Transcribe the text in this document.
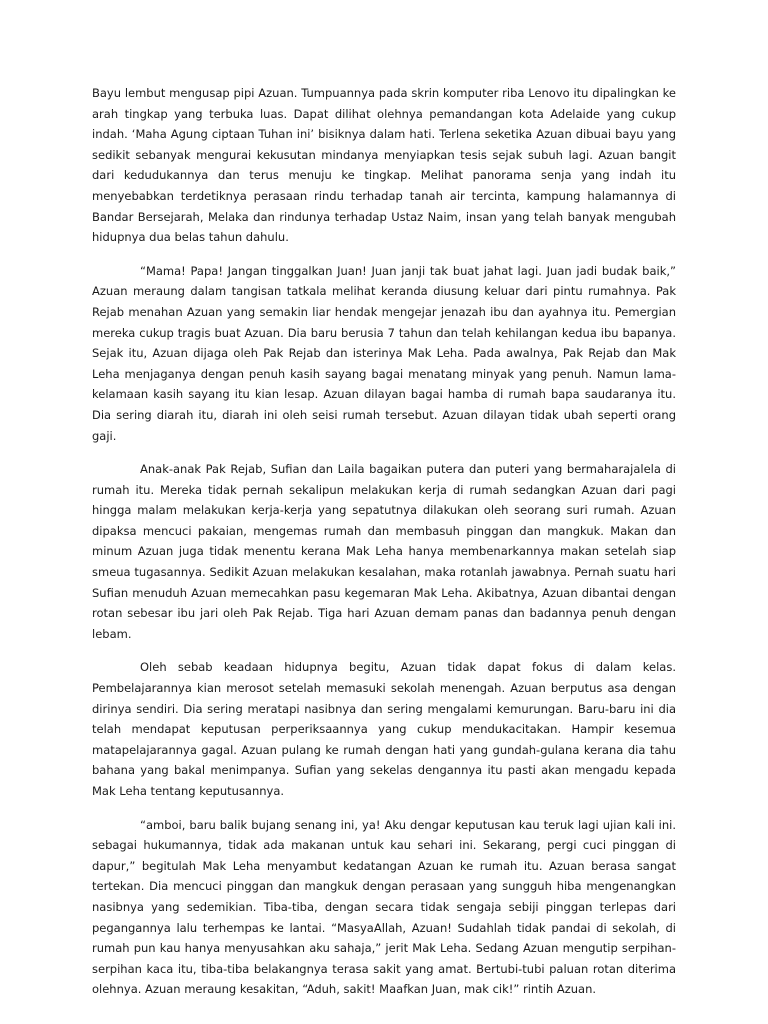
Bayu lembut mengusap pipi Azuan. Tumpuannya pada skrin komputer riba Lenovo itu dipalingkan ke arah tingkap yang terbuka luas. Dapat dilihat olehnya pemandangan kota Adelaide yang cukup indah. ‘Maha Agung ciptaan Tuhan ini’ bisiknya dalam hati. Terlena seketika Azuan dibuai bayu yang sedikit sebanyak mengurai kekusutan mindanya menyiapkan tesis sejak subuh lagi. Azuan bangit dari kedudukannya dan terus menuju ke tingkap. Melihat panorama senja yang indah itu menyebabkan terdetiknya perasaan rindu terhadap tanah air tercinta, kampung halamannya di Bandar Bersejarah, Melaka dan rindunya terhadap Ustaz Naim, insan yang telah banyak mengubah hidupnya dua belas tahun dahulu.

“Mama! Papa! Jangan tinggalkan Juan! Juan janji tak buat jahat lagi. Juan jadi budak baik,” Azuan meraung dalam tangisan tatkala melihat keranda diusung keluar dari pintu rumahnya. Pak Rejab menahan Azuan yang semakin liar hendak mengejar jenazah ibu dan ayahnya itu. Pemergian mereka cukup tragis buat Azuan. Dia baru berusia 7 tahun dan telah kehilangan kedua ibu bapanya. Sejak itu, Azuan dijaga oleh Pak Rejab dan isterinya Mak Leha. Pada awalnya, Pak Rejab dan Mak Leha menjaganya dengan penuh kasih sayang bagai menatang minyak yang penuh. Namun lama-kelamaan kasih sayang itu kian lesap. Azuan dilayan bagai hamba di rumah bapa saudaranya itu. Dia sering diarah itu, diarah ini oleh seisi rumah tersebut. Azuan dilayan tidak ubah seperti orang gaji.

Anak-anak Pak Rejab, Sufian dan Laila bagaikan putera dan puteri yang bermaharajalela di rumah itu. Mereka tidak pernah sekalipun melakukan kerja di rumah sedangkan Azuan dari pagi hingga malam melakukan kerja-kerja yang sepatutnya dilakukan oleh seorang suri rumah. Azuan dipaksa mencuci pakaian, mengemas rumah dan membasuh pinggan dan mangkuk. Makan dan minum Azuan juga tidak menentu kerana Mak Leha hanya membenarkannya makan setelah siap smeua tugasannya. Sedikit Azuan melakukan kesalahan, maka rotanlah jawabnya. Pernah suatu hari Sufian menuduh Azuan memecahkan pasu kegemaran Mak Leha. Akibatnya, Azuan dibantai dengan rotan sebesar ibu jari oleh Pak Rejab. Tiga hari Azuan demam panas dan badannya penuh dengan lebam.

Oleh sebab keadaan hidupnya begitu, Azuan tidak dapat fokus di dalam kelas. Pembelajarannya kian merosot setelah memasuki sekolah menengah. Azuan berputus asa dengan dirinya sendiri. Dia sering meratapi nasibnya dan sering mengalami kemurungan. Baru-baru ini dia telah mendapat keputusan perperiksaannya yang cukup mendukacitakan. Hampir kesemua matapelajarannya gagal. Azuan pulang ke rumah dengan hati yang gundah-gulana kerana dia tahu bahana yang bakal menimpanya. Sufian yang sekelas dengannya itu pasti akan mengadu kepada Mak Leha tentang keputusannya.

“amboi, baru balik bujang senang ini, ya! Aku dengar keputusan kau teruk lagi ujian kali ini. sebagai hukumannya, tidak ada makanan untuk kau sehari ini. Sekarang, pergi cuci pinggan di dapur,” begitulah Mak Leha menyambut kedatangan Azuan ke rumah itu. Azuan berasa sangat tertekan. Dia mencuci pinggan dan mangkuk dengan perasaan yang sungguh hiba mengenangkan nasibnya yang sedemikian. Tiba-tiba, dengan secara tidak sengaja sebiji pinggan terlepas dari pegangannya lalu terhempas ke lantai. “MasyaAllah, Azuan! Sudahlah tidak pandai di sekolah, di rumah pun kau hanya menyusahkan aku sahaja,” jerit Mak Leha. Sedang Azuan mengutip serpihan-serpihan kaca itu, tiba-tiba belakangnya terasa sakit yang amat. Bertubi-tubi paluan rotan diterima olehnya. Azuan meraung kesakitan, “Aduh, sakit! Maafkan Juan, mak cik!” rintih Azuan.
